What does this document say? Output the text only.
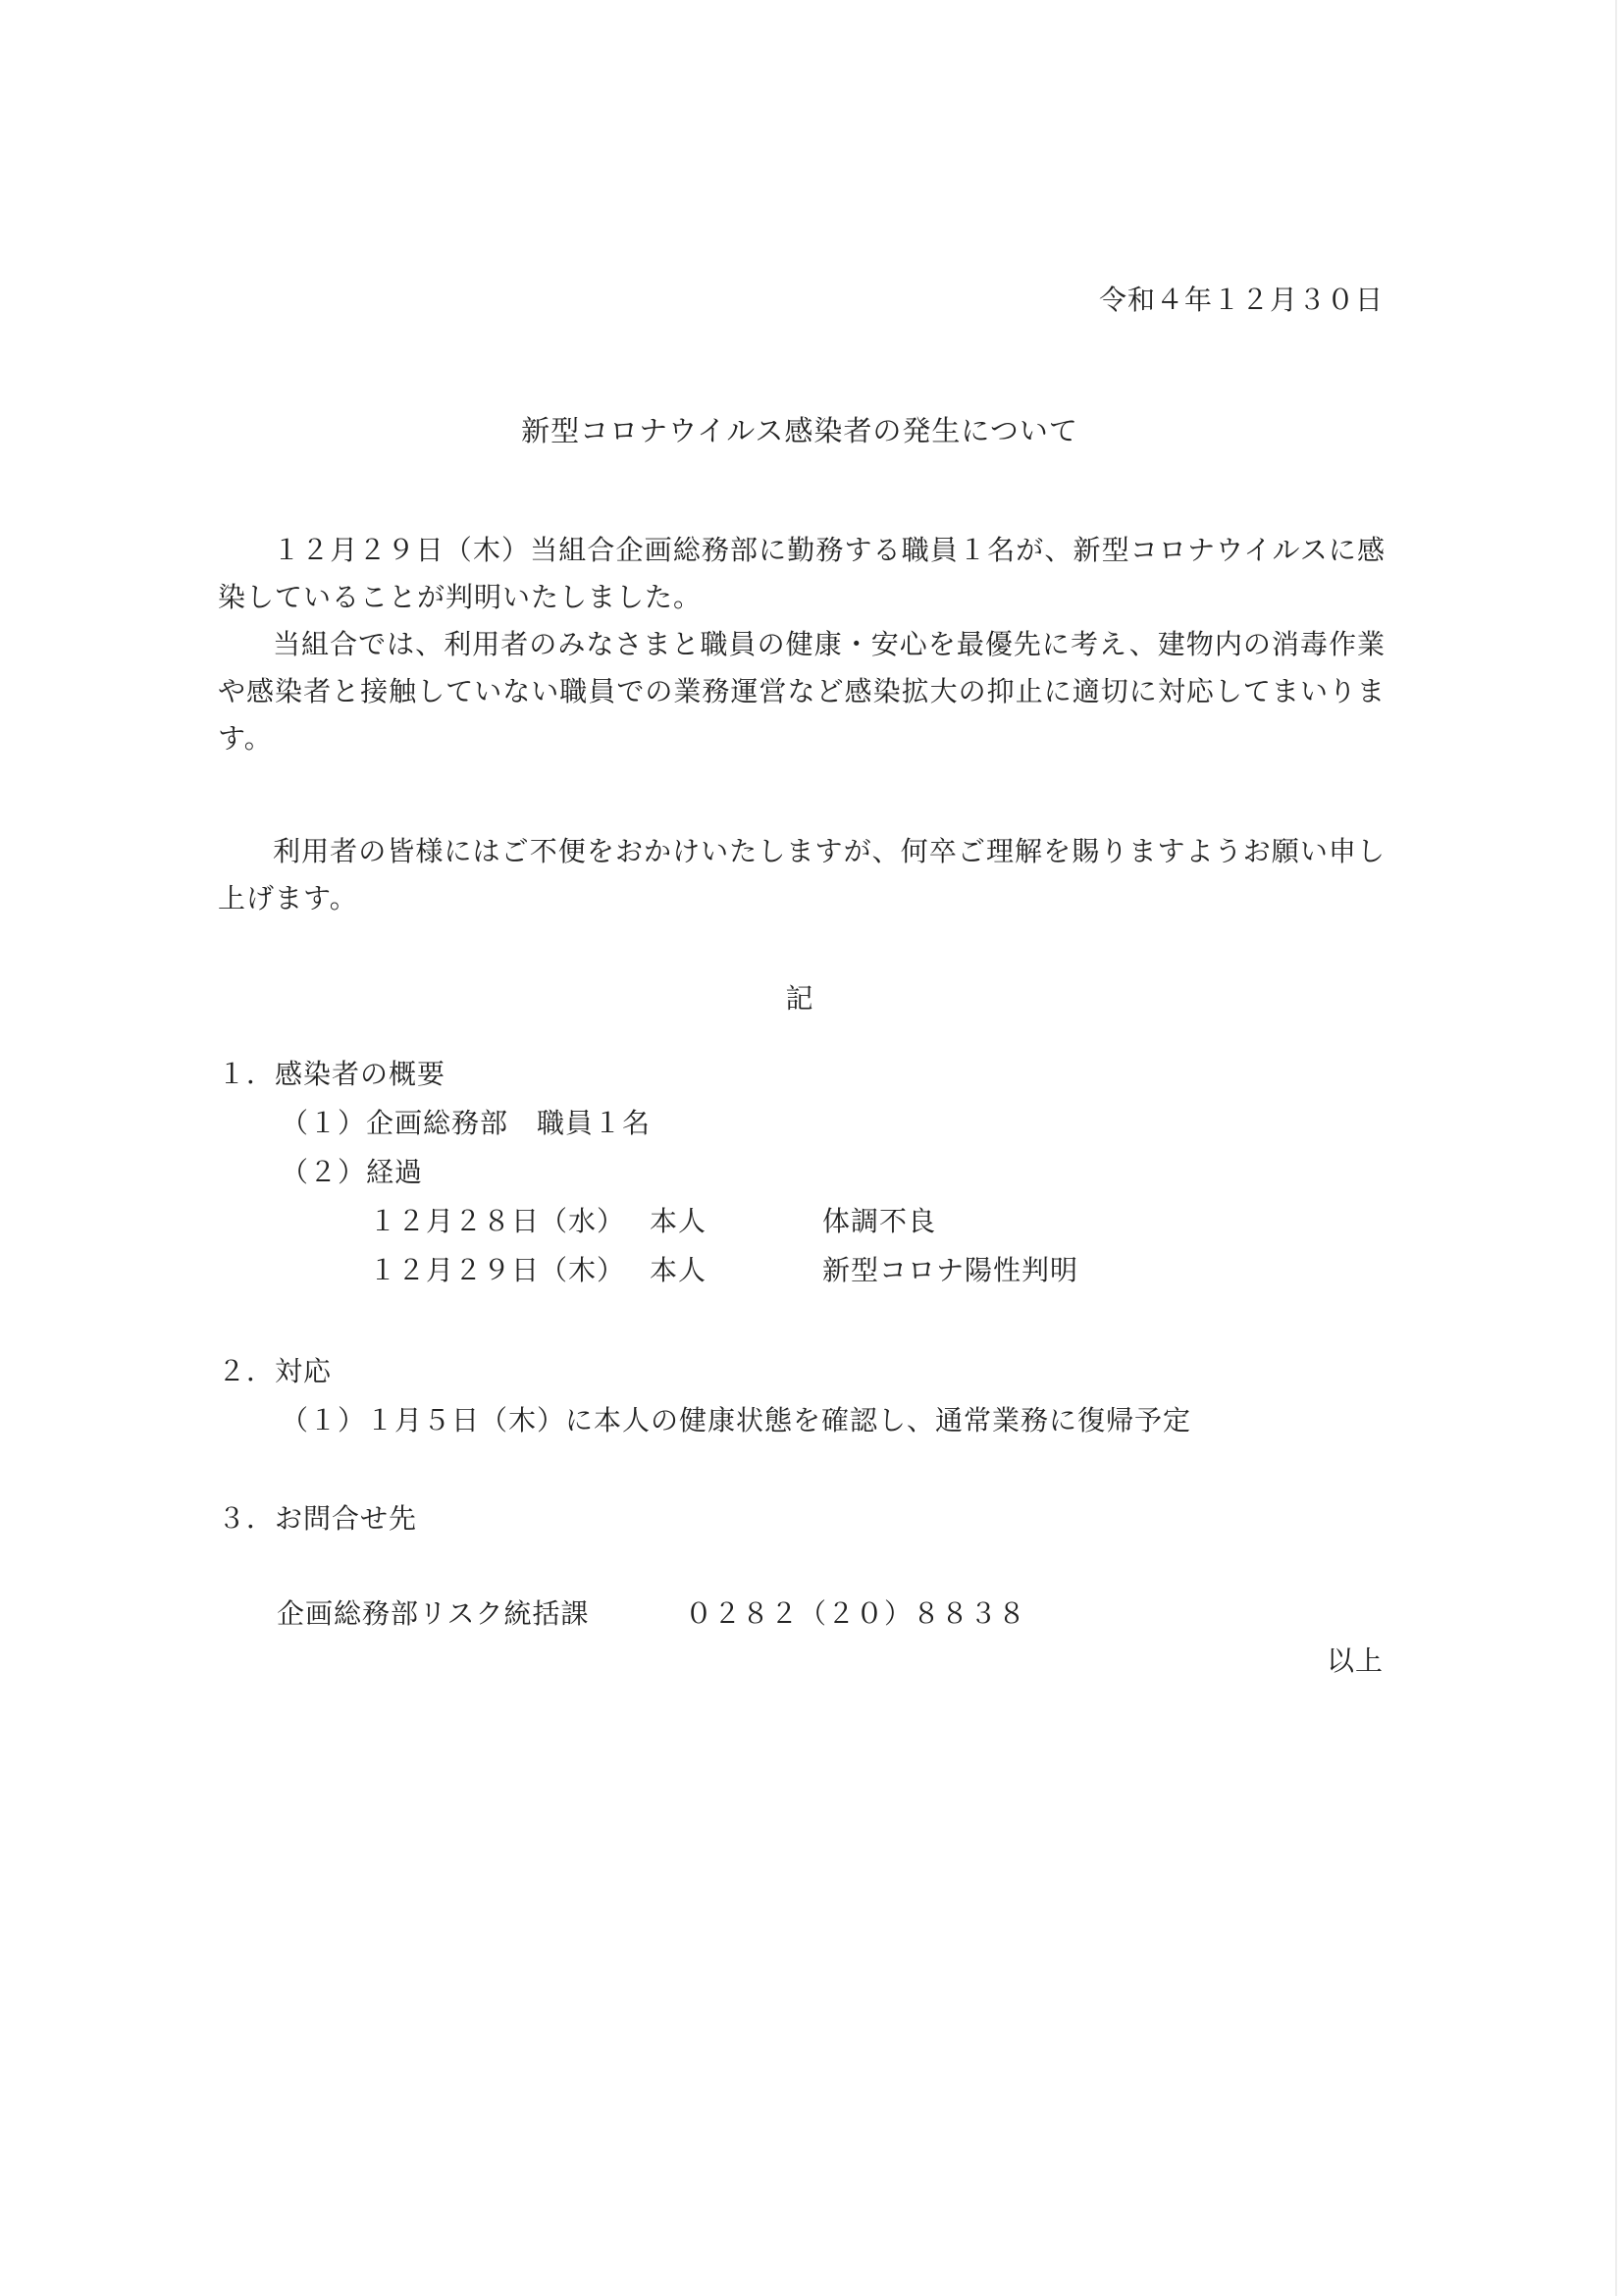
令和４年１２月３０日
新型コロナウイルス感染者の発生について
１２月２９日（木）当組合企画総務部に勤務する職員１名が、新型コロナウイルスに感染していることが判明いたしました。
当組合では、利用者のみなさまと職員の健康・安心を最優先に考え、建物内の消毒作業や感染者と接触していない職員での業務運営など感染拡大の抑止に適切に対応してまいります。
利用者の皆様にはご不便をおかけいたしますが、何卒ご理解を賜りますようお願い申し上げます。
記
１．感染者の概要
（１）企画総務部　職員１名
（２）経過
１２月２８日（水） 本人	体調不良
１２月２９日（木） 本人	新型コロナ陽性判明
２．対応
（１）１月５日（木）に本人の健康状態を確認し、通常業務に復帰予定
３．お問合せ先
企画総務部リスク統括課	０２８２（２０）８８３８
以上
